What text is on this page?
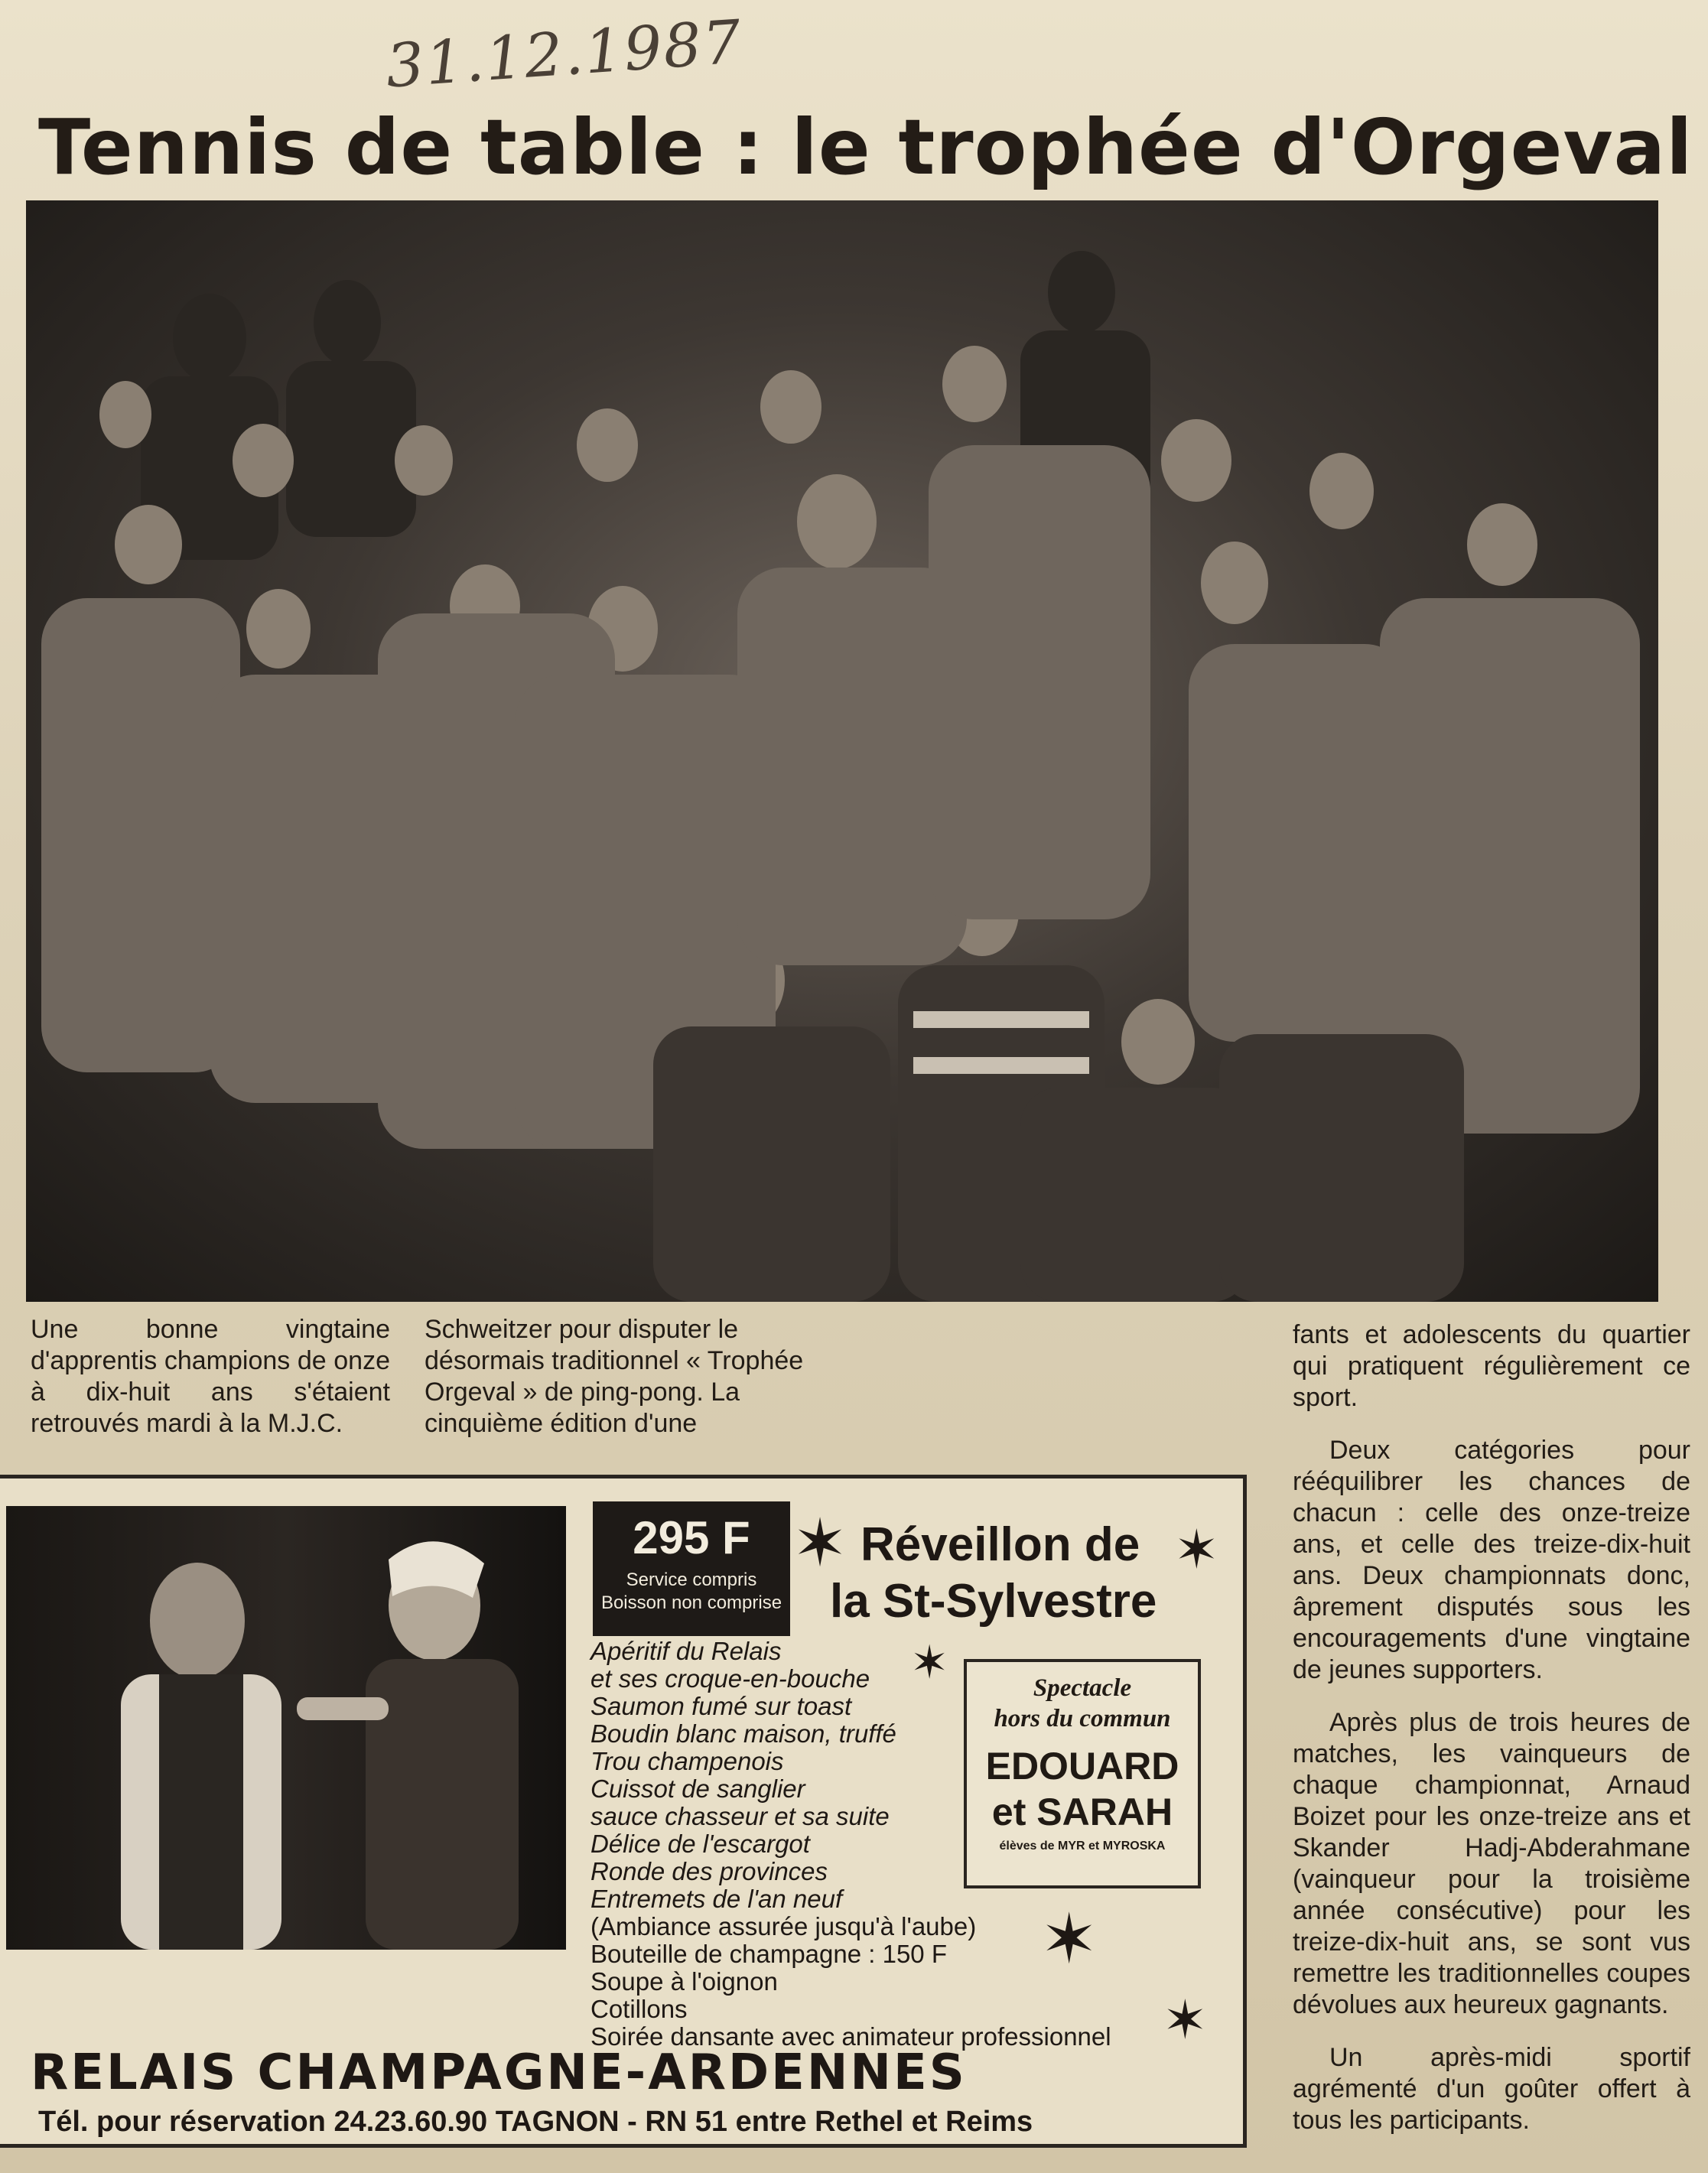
31.12.1987
Tennis de table : le trophée d'Orgeval

Une bonne vingtaine d'apprentis champions de onze à dix-huit ans s'étaient retrouvés mardi à la M.J.C.

Schweitzer pour disputer le désormais traditionnel « Trophée Orgeval » de ping-pong. La cinquième édition d'une

fants et adolescents du quartier qui pratiquent régulièrement ce sport.

Deux catégories pour rééquilibrer les chances de chacun : celle des onze-treize ans, et celle des treize-dix-huit ans. Deux championnats donc, âprement disputés sous les encouragements d'une vingtaine de jeunes supporters.

Après plus de trois heures de matches, les vainqueurs de chaque championnat, Arnaud Boizet pour les onze-treize ans et Skander Hadj-Abderahmane (vainqueur pour la troisième année consécutive) pour les treize-dix-huit ans, se sont vus remettre les traditionnelles coupes dévolues aux heureux gagnants.

Un après-midi sportif agrémenté d'un goûter offert à tous les participants.

295 F
Service compris
Boisson non comprise
✶	✶
✶
✶
✶
Réveillon de
la St-Sylvestre
Apéritif du Relais
et ses croque-en-bouche
Saumon fumé sur toast
Boudin blanc maison, truffé
Trou champenois
Cuissot de sanglier
sauce chasseur et sa suite
Délice de l'escargot
Ronde des provinces
Entremets de l'an neuf
(Ambiance assurée jusqu'à l'aube)
Bouteille de champagne : 150 F
Soupe à l'oignon
Cotillons
Soirée dansante avec animateur professionnel
Spectacle
hors du commun
EDOUARD
et SARAH
élèves de MYR et MYROSKA
RELAIS CHAMPAGNE-ARDENNES
Tél. pour réservation 24.23.60.90 TAGNON - RN 51 entre Rethel et Reims
